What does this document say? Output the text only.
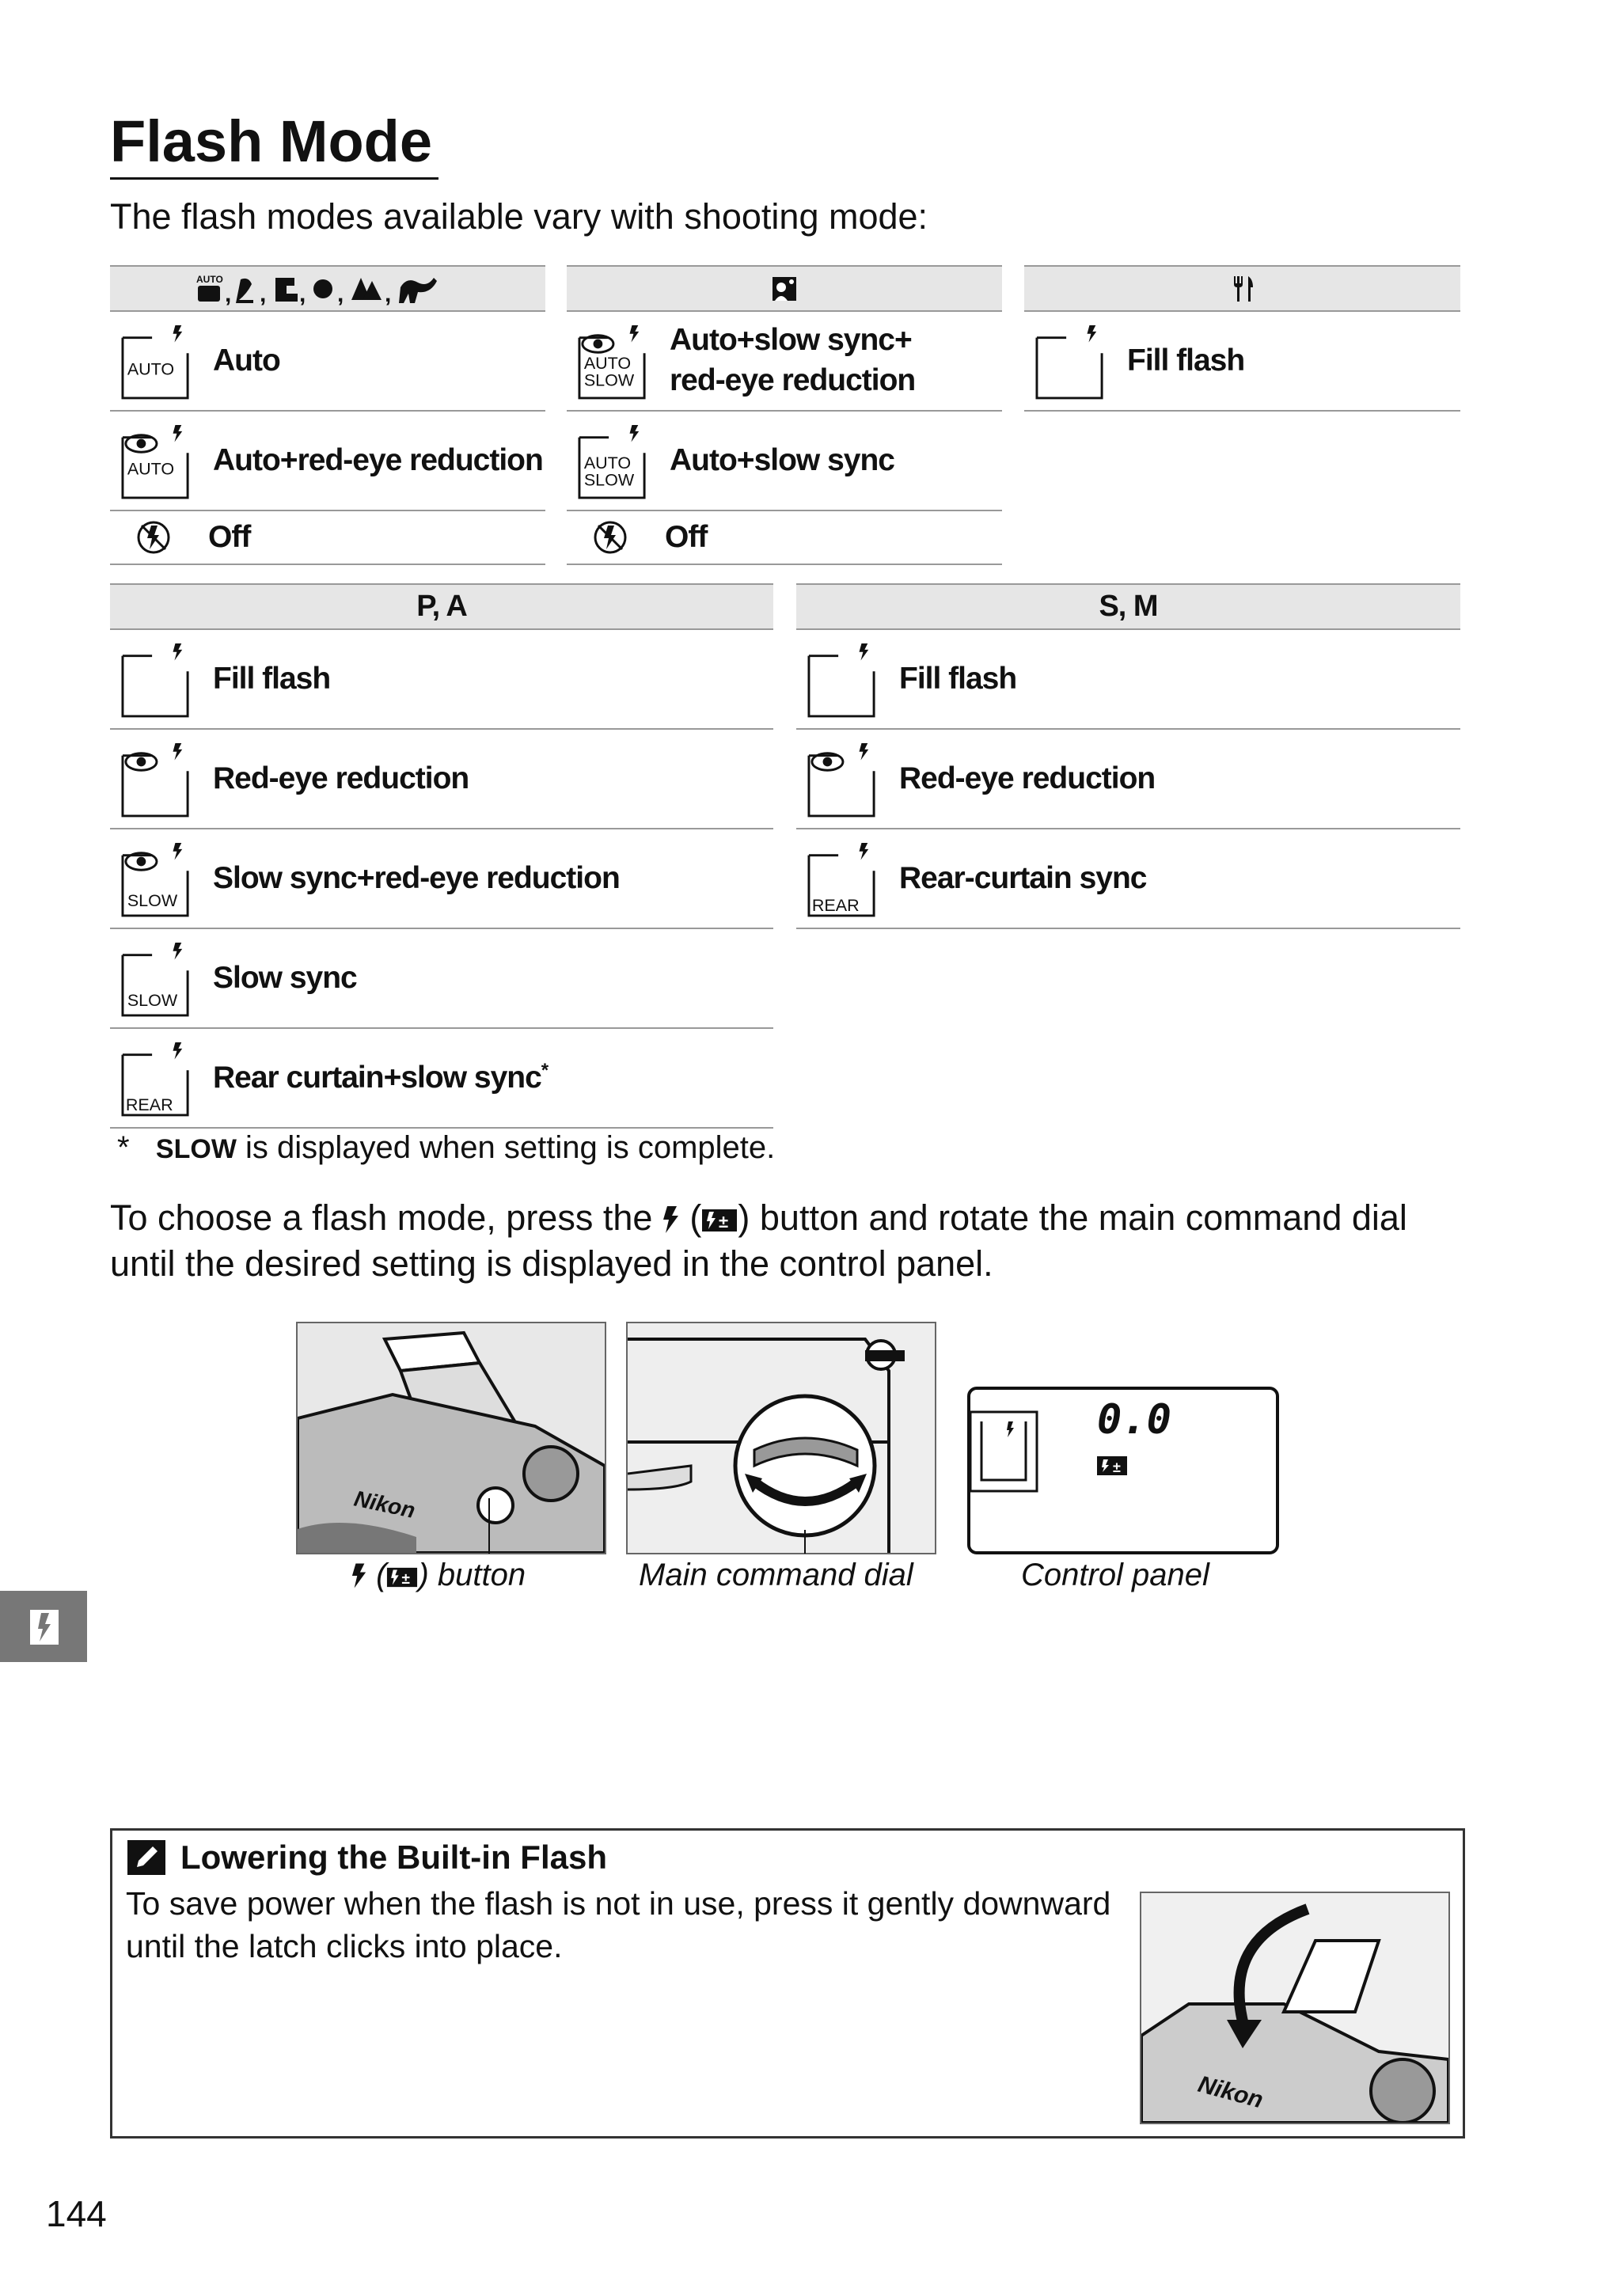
Flash Mode
The flash modes available vary with shooting mode:
AUTO
, , , , ,
AUTO Auto
AUTO Auto+red-eye reduction
Off
AUTO
SLOW
Auto+slow sync+
red-eye reduction
AUTO
SLOW
Auto+slow sync
Off
Fill flash
P, A
Fill flash
Red-eye reduction
SLOW
Slow sync+red-eye reduction
SLOW
Slow sync
REAR
Rear curtain+slow sync*
S, M
Fill flash
Red-eye reduction
REAR
Rear-curtain sync
* SLOW is displayed when setting is complete.
To choose a flash mode, press the  ( ± ) button and rotate the main command dial
until the desired setting is displayed in the control panel.
Nikon
±
0.0
( ± ) button	Main command dial	Control panel
Lowering the Built-in Flash
To save power when the flash is not in use, press it gently downward until the latch clicks into place.
Nikon
144
